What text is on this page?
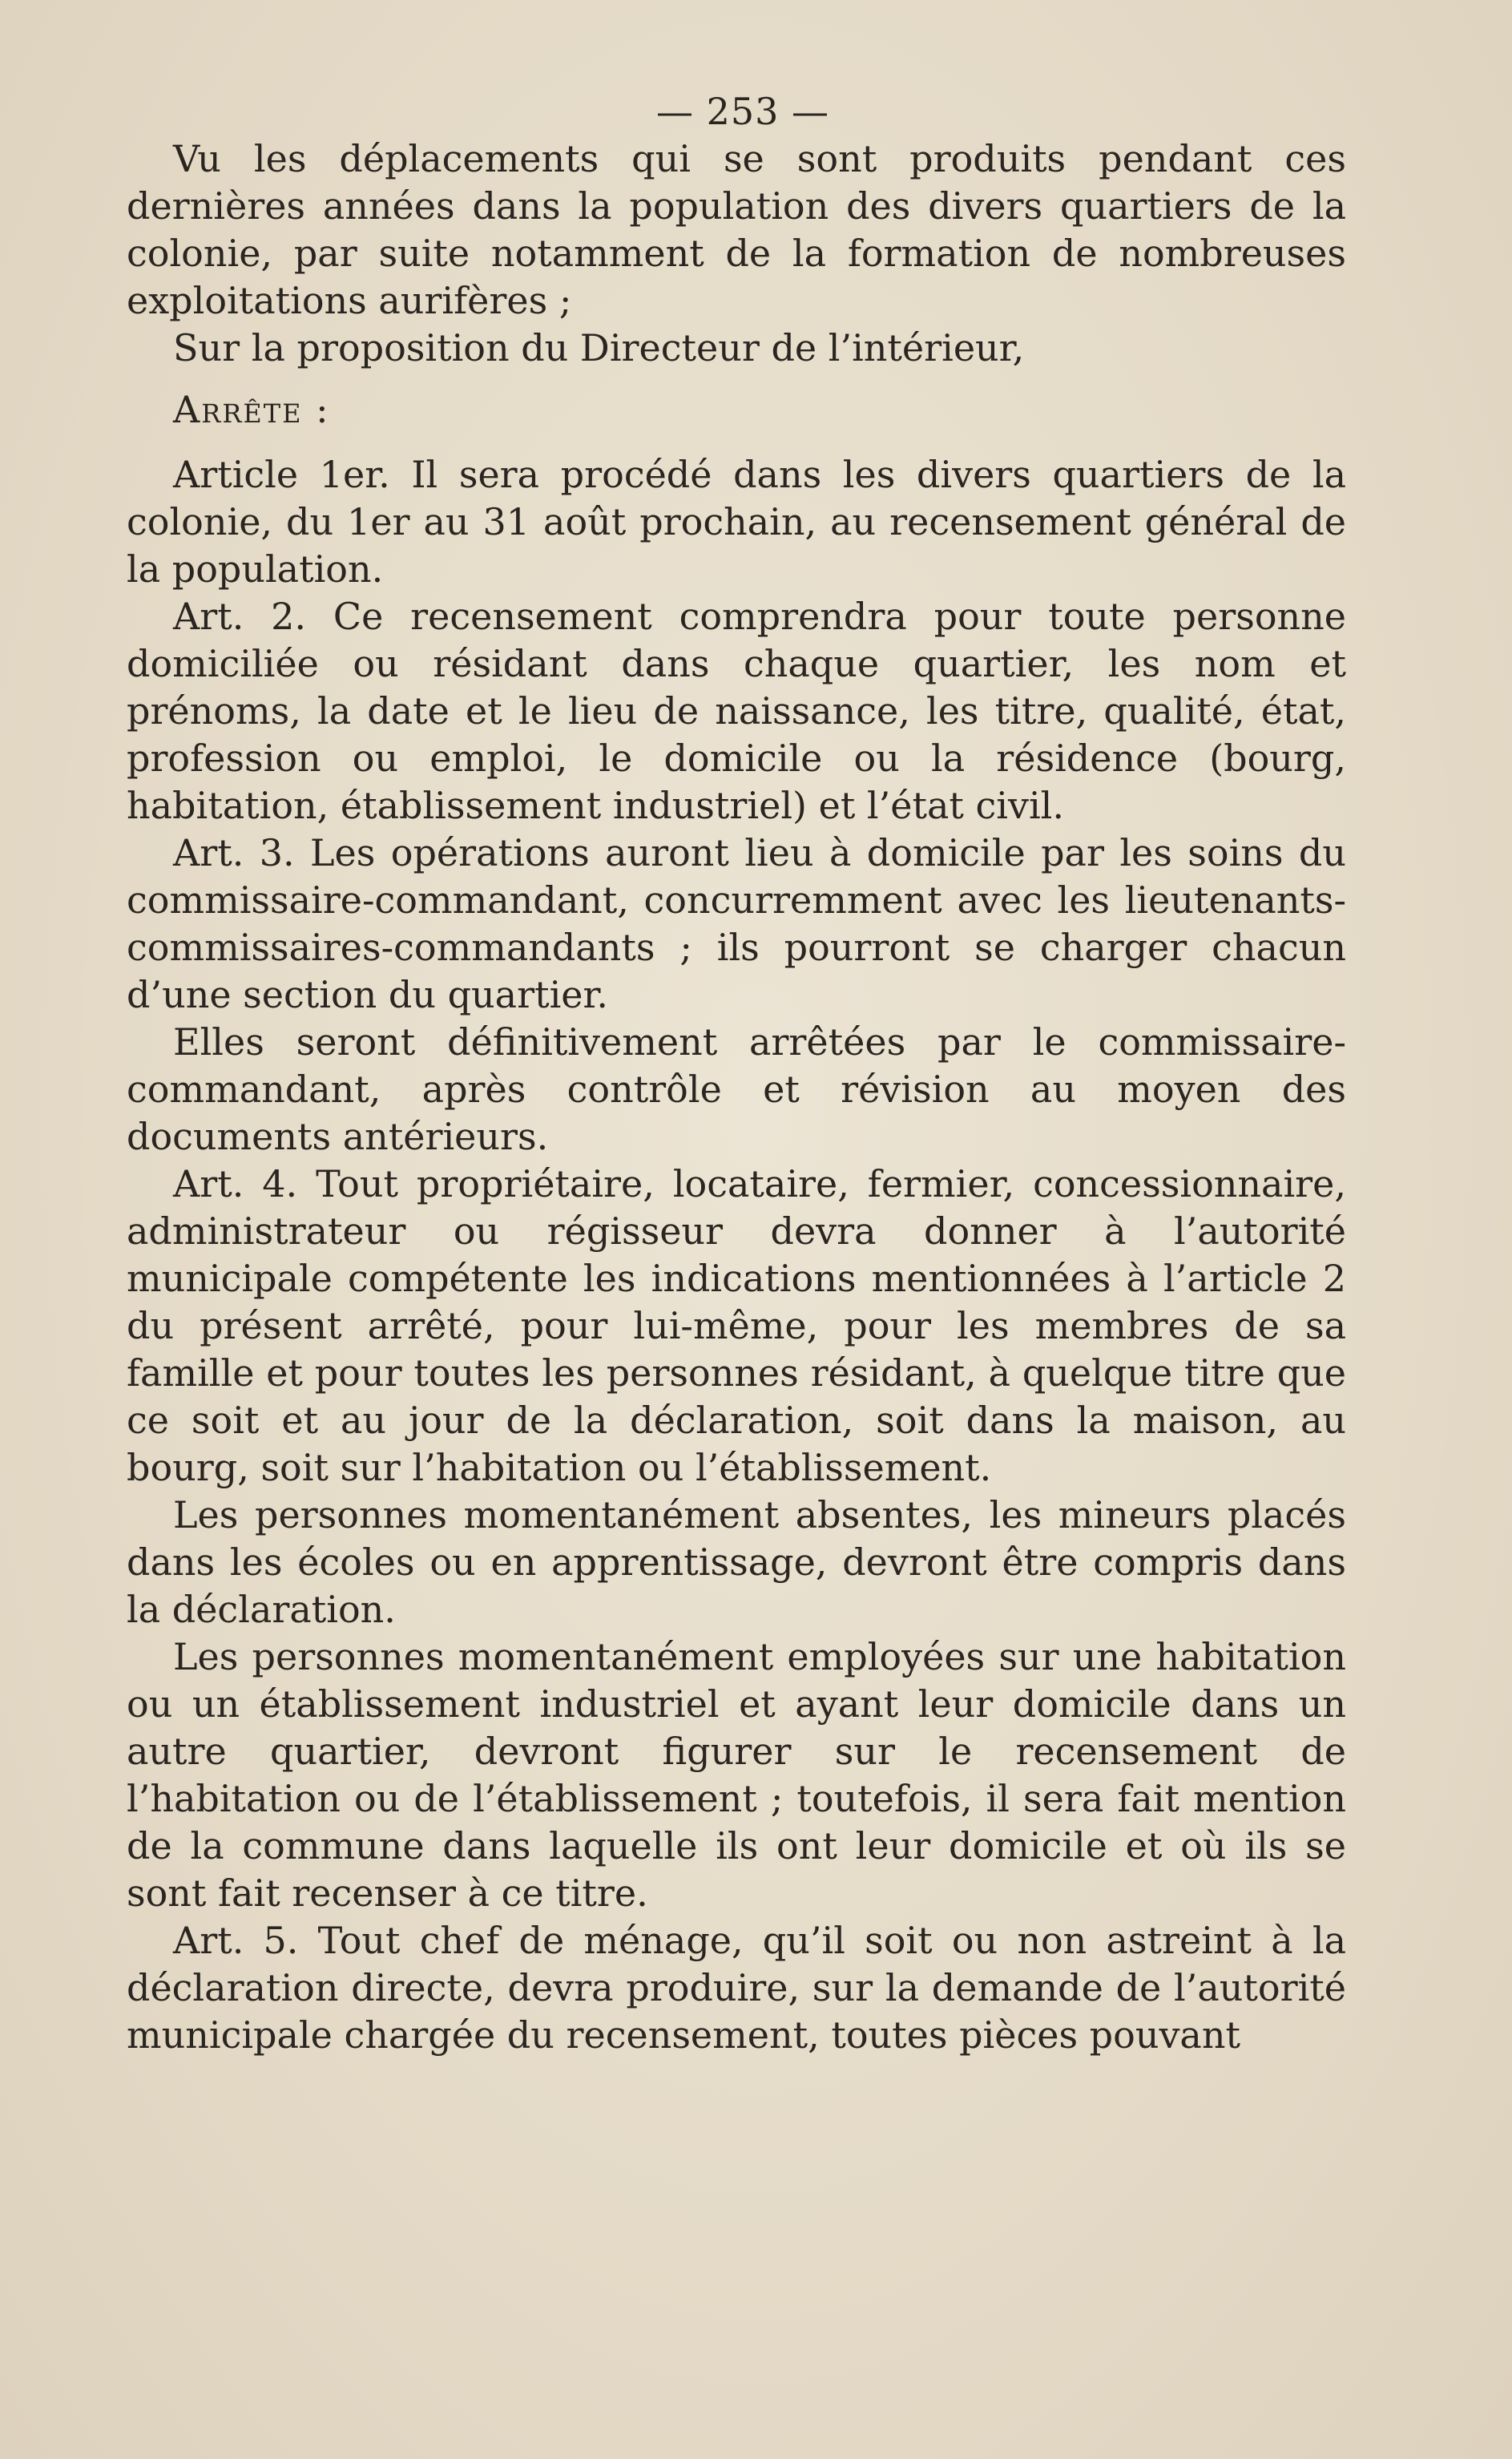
— 253 —

Vu les déplacements qui se sont produits pendant ces dernières années dans la population des divers quartiers de la colonie, par suite notamment de la formation de nombreuses exploitations aurifères ;

Sur la proposition du Directeur de l’intérieur,

Arrête :

Article 1er. Il sera procédé dans les divers quartiers de la colonie, du 1er au 31 août prochain, au recensement général de la population.

Art. 2. Ce recensement comprendra pour toute personne domiciliée ou résidant dans chaque quartier, les nom et prénoms, la date et le lieu de naissance, les titre, qualité, état, profession ou emploi, le domicile ou la résidence (bourg, habitation, établissement industriel) et l’état civil.

Art. 3. Les opérations auront lieu à domicile par les soins du commissaire-commandant, concurremment avec les lieutenants-commissaires-commandants ; ils pourront se charger chacun d’une section du quartier.

Elles seront définitivement arrêtées par le commissaire-commandant, après contrôle et révision au moyen des documents antérieurs.

Art. 4. Tout propriétaire, locataire, fermier, concessionnaire, administrateur ou régisseur devra donner à l’autorité municipale compétente les indications mentionnées à l’article 2 du présent arrêté, pour lui-même, pour les membres de sa famille et pour toutes les personnes résidant, à quelque titre que ce soit et au jour de la déclaration, soit dans la maison, au bourg, soit sur l’habitation ou l’établissement.

Les personnes momentanément absentes, les mineurs placés dans les écoles ou en apprentissage, devront être compris dans la déclaration.

Les personnes momentanément employées sur une habitation ou un établissement industriel et ayant leur domicile dans un autre quartier, devront figurer sur le recensement de l’habitation ou de l’établissement ; toutefois, il sera fait mention de la commune dans laquelle ils ont leur domicile et où ils se sont fait recenser à ce titre.

Art. 5. Tout chef de ménage, qu’il soit ou non astreint à la déclaration directe, devra produire, sur la demande de l’autorité municipale chargée du recensement, toutes pièces pouvant
